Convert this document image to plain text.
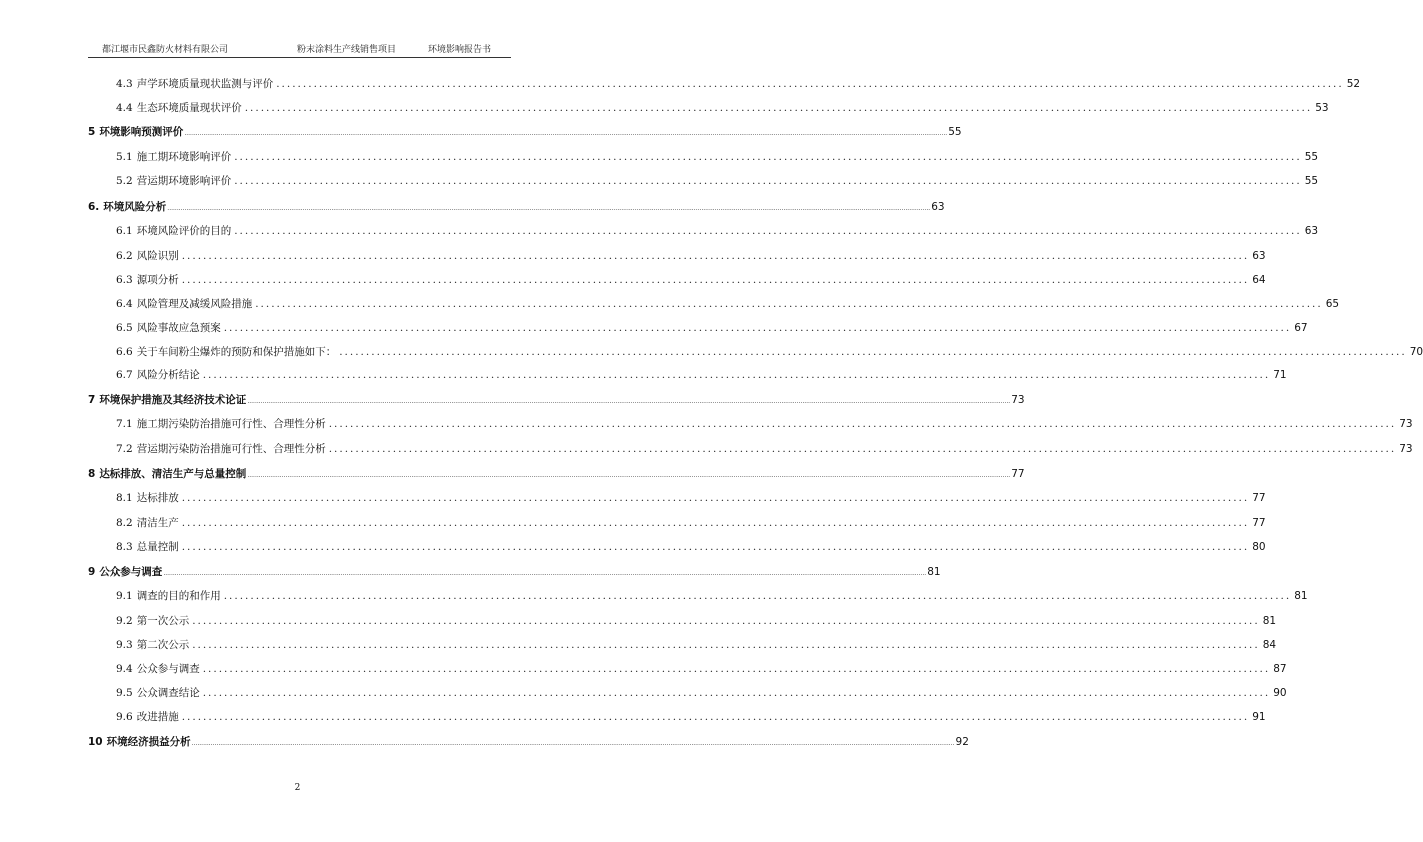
都江堰市民鑫防火材料有限公司	粉末涂料生产线销售项目	环境影响报告书
4.3 声学环境质量现状监测与评价 ........................................................................................................................................................................................................ 52
4.4 生态环境质量现状评价 ........................................................................................................................................................................................................ 53
5 环境影响预测评价 ................................................................................................................................................................................................................................................................................................................................................................................................................ 55
5.1 施工期环境影响评价 ........................................................................................................................................................................................................ 55
5.2 营运期环境影响评价 ........................................................................................................................................................................................................ 55
6. 环境风险分析 ................................................................................................................................................................................................................................................................................................................................................................................................................ 63
6.1 环境风险评价的目的 ........................................................................................................................................................................................................ 63
6.2 风险识别 ........................................................................................................................................................................................................ 63
6.3 源项分析 ........................................................................................................................................................................................................ 64
6.4 风险管理及减缓风险措施 ........................................................................................................................................................................................................ 65
6.5 风险事故应急预案 ........................................................................................................................................................................................................ 67
6.6 关于车间粉尘爆炸的预防和保护措施如下： ........................................................................................................................................................................................................ 70
6.7 风险分析结论 ........................................................................................................................................................................................................ 71
7 环境保护措施及其经济技术论证 ................................................................................................................................................................................................................................................................................................................................................................................................................ 73
7.1 施工期污染防治措施可行性、合理性分析 ........................................................................................................................................................................................................ 73
7.2 营运期污染防治措施可行性、合理性分析 ........................................................................................................................................................................................................ 73
8 达标排放、清洁生产与总量控制 ................................................................................................................................................................................................................................................................................................................................................................................................................ 77
8.1 达标排放 ........................................................................................................................................................................................................ 77
8.2 清洁生产 ........................................................................................................................................................................................................ 77
8.3 总量控制 ........................................................................................................................................................................................................ 80
9 公众参与调查 ................................................................................................................................................................................................................................................................................................................................................................................................................ 81
9.1 调查的目的和作用 ........................................................................................................................................................................................................ 81
9.2 第一次公示 ........................................................................................................................................................................................................ 81
9.3 第二次公示 ........................................................................................................................................................................................................ 84
9.4 公众参与调查 ........................................................................................................................................................................................................ 87
9.5 公众调查结论 ........................................................................................................................................................................................................ 90
9.6 改进措施 ........................................................................................................................................................................................................ 91
10 环境经济损益分析 ................................................................................................................................................................................................................................................................................................................................................................................................................ 92
2
